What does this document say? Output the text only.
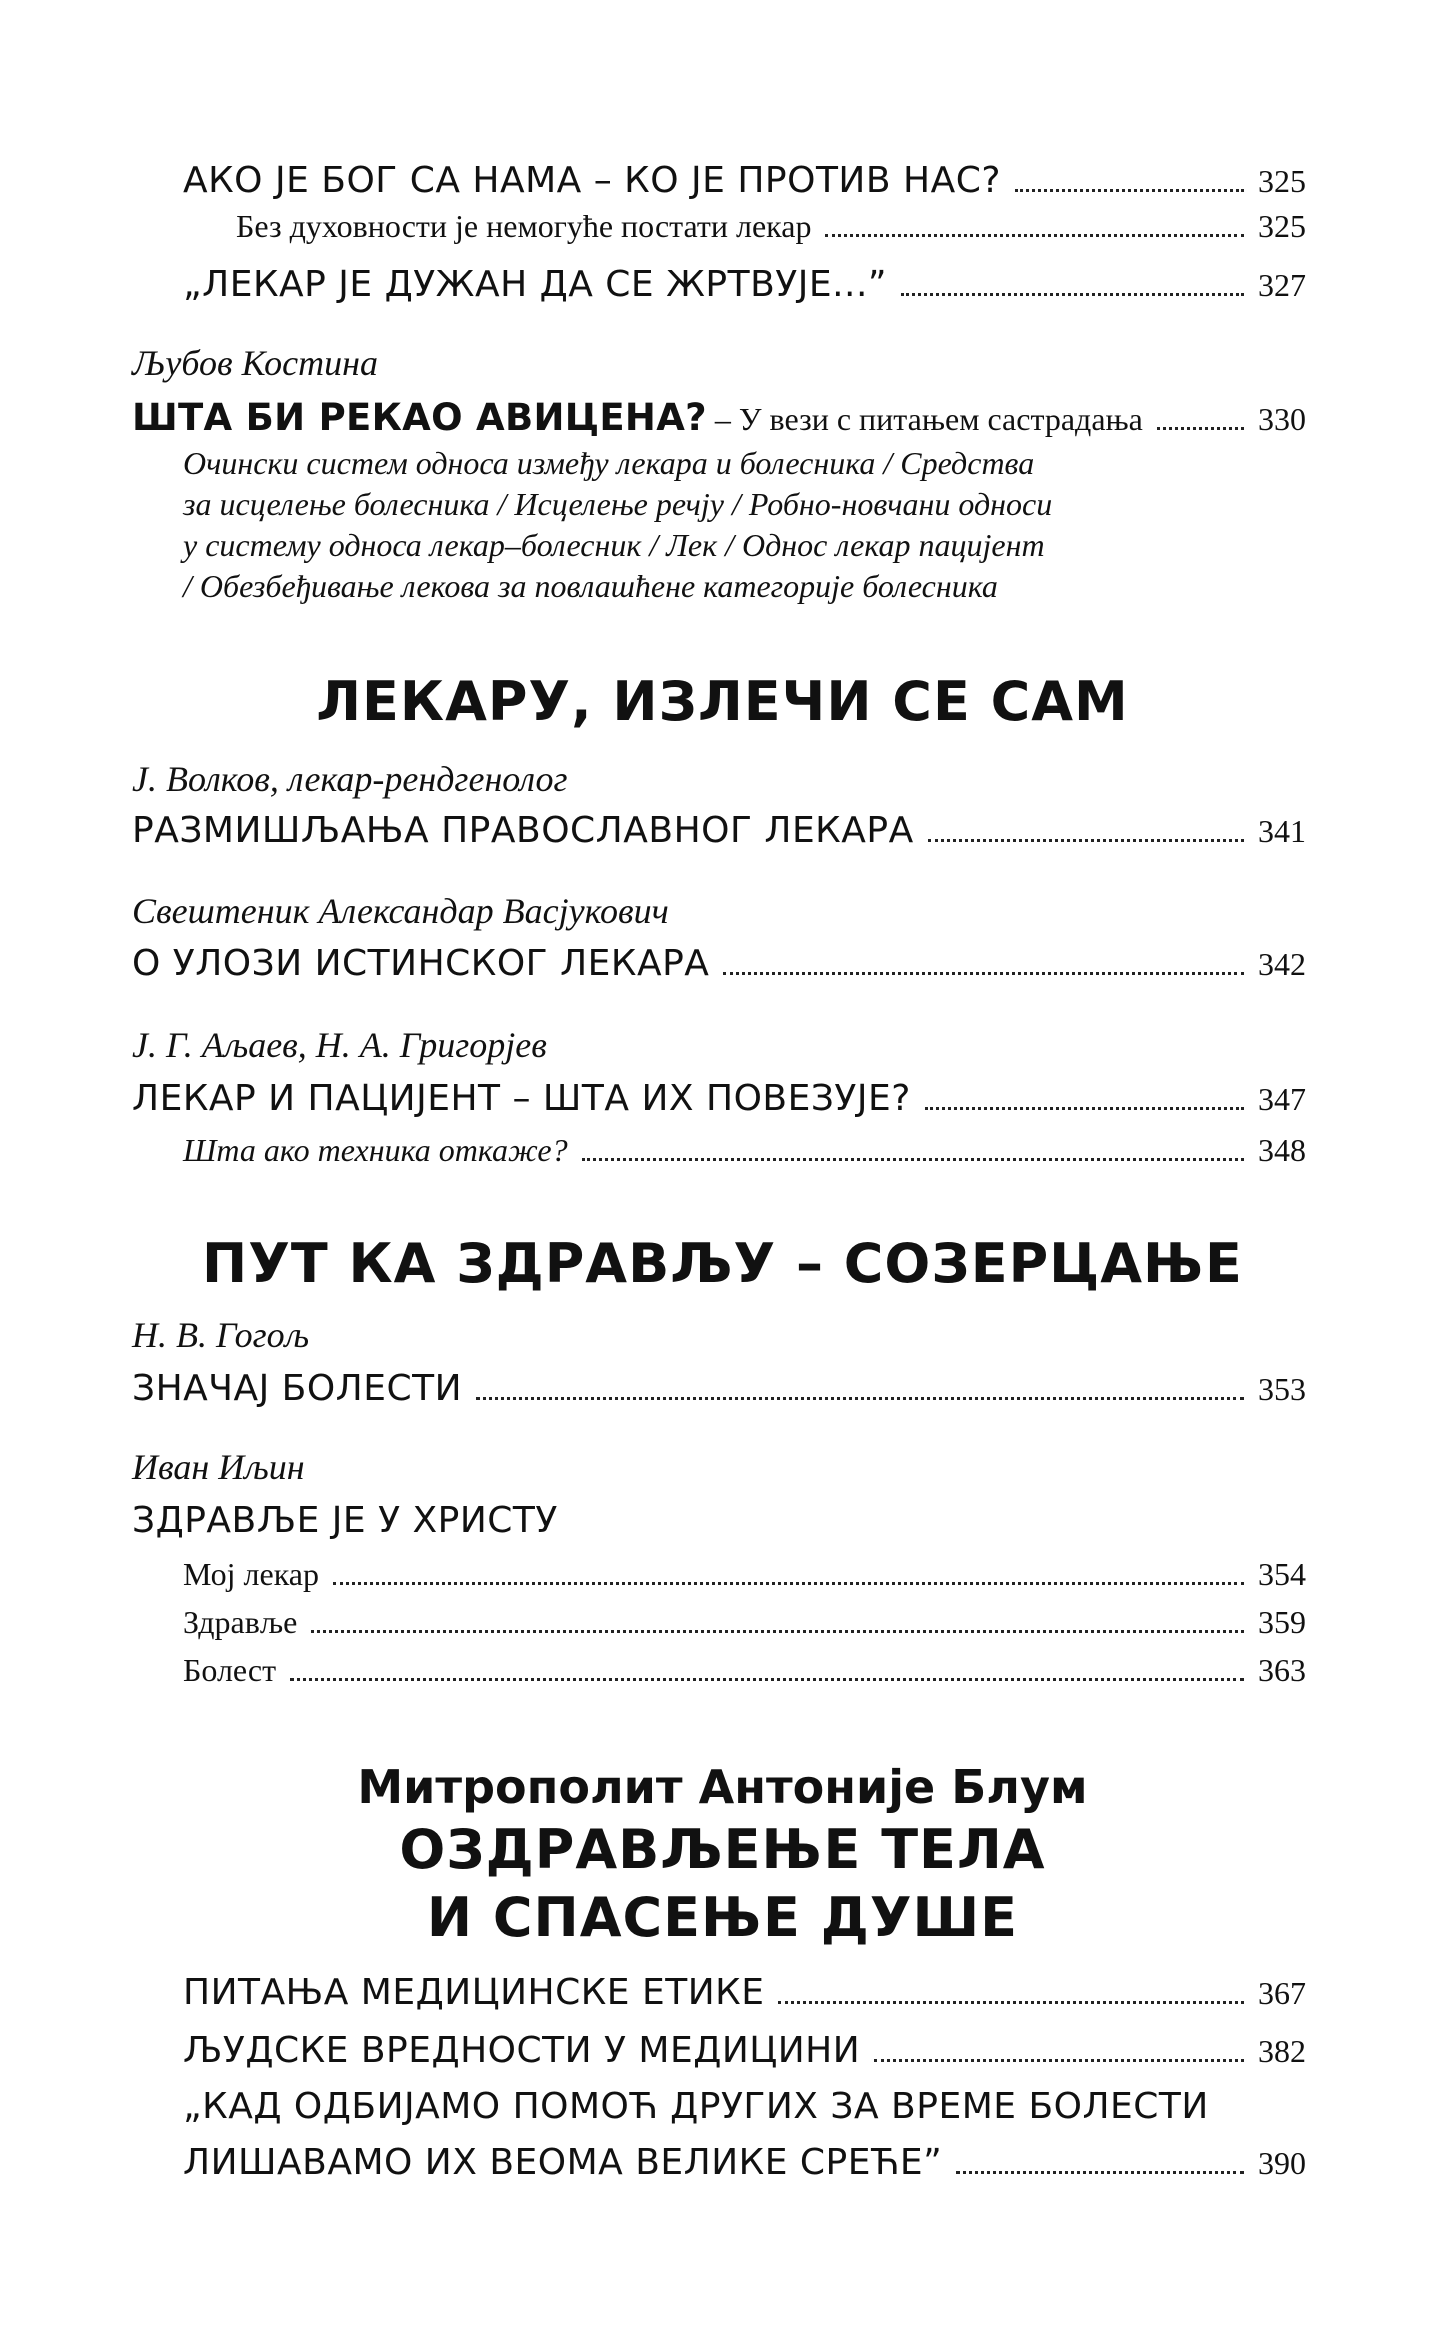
АКО ЈЕ БОГ СА НАМА – КО ЈЕ ПРОТИВ НАС?	325
Без духовности је немогуће постати лекар	325
„ЛЕКАР ЈЕ ДУЖАН ДА СЕ ЖРТВУЈЕ...”	327
Љубов Костина
ШТА БИ РЕКАО АВИЦЕНА? – У вези с питањем састрадања	330
Очински систем односа између лекара и болесника / Средства
за исцелење болесника / Исцелење речју / Робно-новчани односи
у систему односа лекар–болесник / Лек / Однос лекар пацијент
/ Обезбеђивање лекова за повлашћене категорије болесника
ЛЕКАРУ, ИЗЛЕЧИ СЕ САМ
Ј. Волков, лекар-рендгенолог
РАЗМИШЉАЊА ПРАВОСЛАВНОГ ЛЕКАРА	341
Свештеник Александар Васјукович
О УЛОЗИ ИСТИНСКОГ ЛЕКАРА	342
Ј. Г. Аљаев, Н. А. Григорјев
ЛЕКАР И ПАЦИЈЕНТ – ШТА ИХ ПОВЕЗУЈЕ?	347
Шта ако техника откаже?	348
ПУТ КА ЗДРАВЉУ – СОЗЕРЦАЊЕ
Н. В. Гогољ
ЗНАЧАЈ БОЛЕСТИ	353
Иван Иљин
ЗДРАВЉЕ ЈЕ У ХРИСТУ
Мој лекар	354
Здравље	359
Болест	363
Митрополит Антоније Блум
ОЗДРАВЉЕЊЕ ТЕЛА
И СПАСЕЊЕ ДУШЕ
ПИТАЊА МЕДИЦИНСКЕ ЕТИКЕ	367
ЉУДСКЕ ВРЕДНОСТИ У МЕДИЦИНИ	382
„КАД ОДБИЈАМО ПОМОЋ ДРУГИХ ЗА ВРЕМЕ БОЛЕСТИ
ЛИШАВАМО ИХ ВЕОМА ВЕЛИКЕ СРЕЋЕ”	390
